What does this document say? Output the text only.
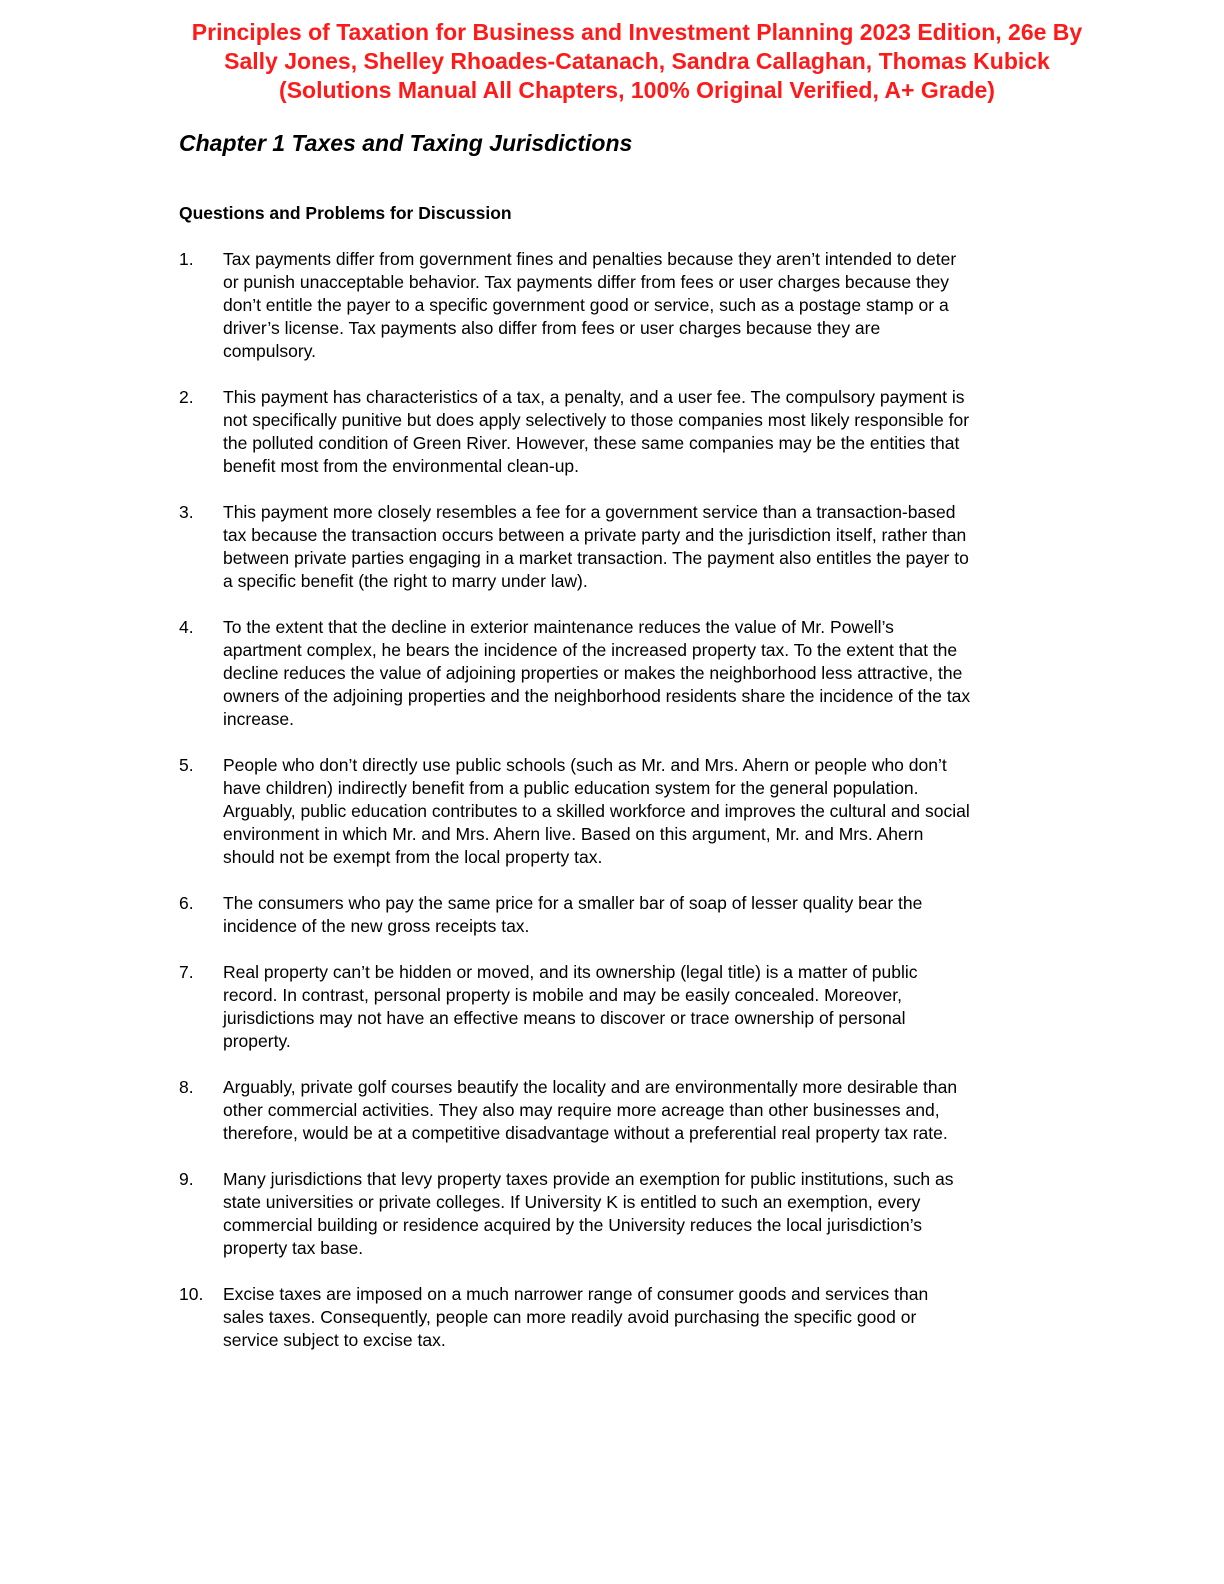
Principles of Taxation for Business and Investment Planning 2023 Edition, 26e By
Sally Jones, Shelley Rhoades-Catanach, Sandra Callaghan, Thomas Kubick
(Solutions Manual All Chapters, 100% Original Verified, A+ Grade)
Chapter 1 Taxes and Taxing Jurisdictions
Questions and Problems for Discussion
1.	Tax payments differ from government fines and penalties because they aren’t intended to deter
or punish unacceptable behavior. Tax payments differ from fees or user charges because they
don’t entitle the payer to a specific government good or service, such as a postage stamp or a
driver’s license. Tax payments also differ from fees or user charges because they are
compulsory.
2.	This payment has characteristics of a tax, a penalty, and a user fee. The compulsory payment is
not specifically punitive but does apply selectively to those companies most likely responsible for
the polluted condition of Green River. However, these same companies may be the entities that
benefit most from the environmental clean-up.
3.	This payment more closely resembles a fee for a government service than a transaction-based
tax because the transaction occurs between a private party and the jurisdiction itself, rather than
between private parties engaging in a market transaction. The payment also entitles the payer to
a specific benefit (the right to marry under law).
4.	To the extent that the decline in exterior maintenance reduces the value of Mr. Powell’s
apartment complex, he bears the incidence of the increased property tax. To the extent that the
decline reduces the value of adjoining properties or makes the neighborhood less attractive, the
owners of the adjoining properties and the neighborhood residents share the incidence of the tax
increase.
5.	People who don’t directly use public schools (such as Mr. and Mrs. Ahern or people who don’t
have children) indirectly benefit from a public education system for the general population.
Arguably, public education contributes to a skilled workforce and improves the cultural and social
environment in which Mr. and Mrs. Ahern live. Based on this argument, Mr. and Mrs. Ahern
should not be exempt from the local property tax.
6.	The consumers who pay the same price for a smaller bar of soap of lesser quality bear the
incidence of the new gross receipts tax.
7.	Real property can’t be hidden or moved, and its ownership (legal title) is a matter of public
record. In contrast, personal property is mobile and may be easily concealed. Moreover,
jurisdictions may not have an effective means to discover or trace ownership of personal
property.
8.	Arguably, private golf courses beautify the locality and are environmentally more desirable than
other commercial activities. They also may require more acreage than other businesses and,
therefore, would be at a competitive disadvantage without a preferential real property tax rate.
9.	Many jurisdictions that levy property taxes provide an exemption for public institutions, such as
state universities or private colleges. If University K is entitled to such an exemption, every
commercial building or residence acquired by the University reduces the local jurisdiction’s
property tax base.
10.	Excise taxes are imposed on a much narrower range of consumer goods and services than
sales taxes. Consequently, people can more readily avoid purchasing the specific good or
service subject to excise tax.
